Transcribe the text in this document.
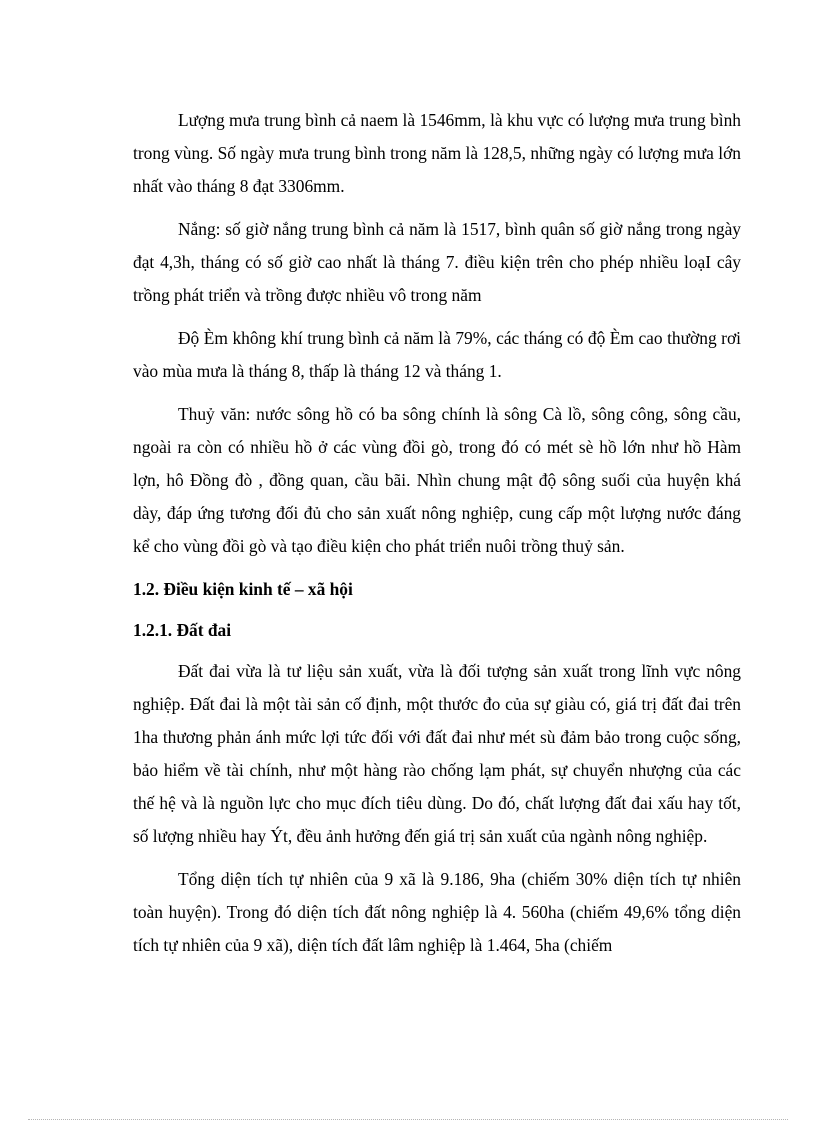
Lượng mưa trung bình cả naem là 1546mm, là khu vực có lượng mưa trung bình trong vùng. Số ngày mưa trung bình trong năm là 128,5, những ngày có lượng mưa lớn nhất vào tháng 8 đạt 3306mm.

Nắng: số giờ nắng trung bình cả năm là 1517, bình quân số giờ nắng trong ngày đạt 4,3h, tháng có số giờ cao nhất là tháng 7. điều kiện trên cho phép nhiều loạI cây trồng phát triển và trồng được nhiều vô trong năm

Độ Èm không khí trung bình cả năm là 79%, các tháng có độ Èm cao thường rơi vào mùa mưa là tháng 8, thấp là tháng 12 và tháng 1.

Thuỷ văn: nước sông hồ có ba sông chính là sông Cà lồ, sông công, sông cầu, ngoài ra còn có nhiều hồ ở các vùng đồi gò, trong đó có mét sè hồ lớn như hồ Hàm lợn, hô Đồng đò , đồng quan, cầu bãi. Nhìn chung mật độ sông suối của huyện khá dày, đáp ứng tương đối đủ cho sản xuất nông nghiệp, cung cấp một lượng nước đáng kể cho vùng đồi gò và tạo điều kiện cho phát triển nuôi trồng thuỷ sản.

1.2. Điều kiện kinh tế – xã hội
1.2.1. Đất đai

Đất đai vừa là tư liệu sản xuất, vừa là đối tượng sản xuất trong lĩnh vực nông nghiệp. Đất đai là một tài sản cố định, một thước đo của sự giàu có, giá trị đất đai trên 1ha thương phản ánh mức lợi tức đối với đất đai như mét sù đảm bảo trong cuộc sống, bảo hiểm về tài chính, như một hàng rào chống lạm phát, sự chuyển nhượng của các thế hệ và là nguồn lực cho mục đích tiêu dùng. Do đó, chất lượng đất đai xấu hay tốt, số lượng nhiều hay Ýt, đều ảnh hưởng đến giá trị sản xuất của ngành nông nghiệp.

Tổng diện tích tự nhiên của 9 xã là 9.186, 9ha (chiếm 30% diện tích tự nhiên toàn huyện). Trong đó diện tích đất nông nghiệp là 4. 560ha (chiếm 49,6% tổng diện tích tự nhiên của 9 xã), diện tích đất lâm nghiệp là 1.464, 5ha (chiếm
